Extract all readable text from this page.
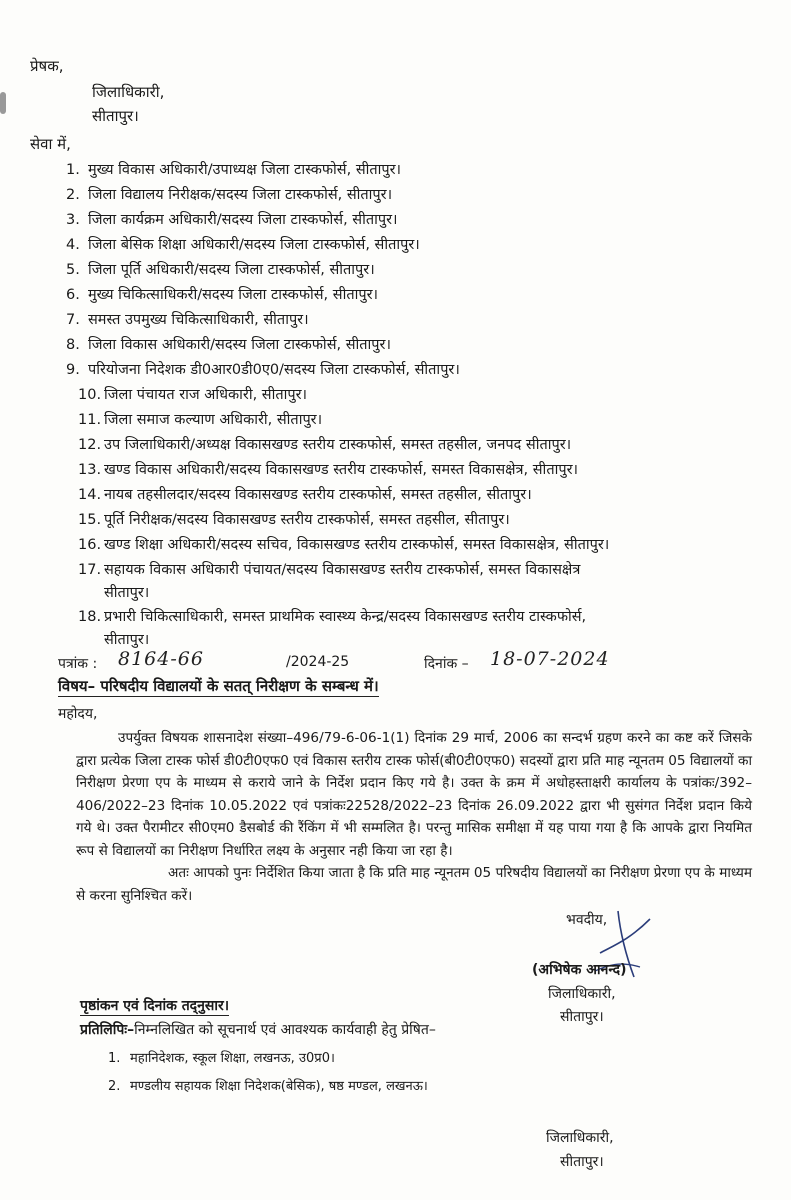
प्रेषक,
जिलाधिकारी,
सीतापुर।
सेवा में,
1. मुख्य विकास अधिकारी/उपाध्यक्ष जिला टास्कफोर्स, सीतापुर।
2. जिला विद्यालय निरीक्षक/सदस्य जिला टास्कफोर्स, सीतापुर।
3. जिला कार्यक्रम अधिकारी/सदस्य जिला टास्कफोर्स, सीतापुर।
4. जिला बेसिक शिक्षा अधिकारी/सदस्य जिला टास्कफोर्स, सीतापुर।
5. जिला पूर्ति अधिकारी/सदस्य जिला टास्कफोर्स, सीतापुर।
6. मुख्य चिकित्साधिकरी/सदस्य जिला टास्कफोर्स, सीतापुर।
7. समस्त उपमुख्य चिकित्साधिकारी, सीतापुर।
8. जिला विकास अधिकारी/सदस्य जिला टास्कफोर्स, सीतापुर।
9. परियोजना निदेशक डी0आर0डी0ए0/सदस्य जिला टास्कफोर्स, सीतापुर।
10. जिला पंचायत राज अधिकारी, सीतापुर।
11. जिला समाज कल्याण अधिकारी, सीतापुर।
12. उप जिलाधिकारी/अध्यक्ष विकासखण्ड स्तरीय टास्कफोर्स, समस्त तहसील, जनपद सीतापुर।
13. खण्ड विकास अधिकारी/सदस्य विकासखण्ड स्तरीय टास्कफोर्स, समस्त विकासक्षेत्र, सीतापुर।
14. नायब तहसीलदार/सदस्य विकासखण्ड स्तरीय टास्कफोर्स, समस्त तहसील, सीतापुर।
15. पूर्ति निरीक्षक/सदस्य विकासखण्ड स्तरीय टास्कफोर्स, समस्त तहसील, सीतापुर।
16. खण्ड शिक्षा अधिकारी/सदस्य सचिव, विकासखण्ड स्तरीय टास्कफोर्स, समस्त विकासक्षेत्र, सीतापुर।
17. सहायक विकास अधिकारी पंचायत/सदस्य विकासखण्ड स्तरीय टास्कफोर्स, समस्त विकासक्षेत्र
सीतापुर।
18. प्रभारी चिकित्साधिकारी, समस्त प्राथमिक स्वास्थ्य केन्द्र/सदस्य विकासखण्ड स्तरीय टास्कफोर्स,
सीतापुर।
पत्रांक : 8164-66	/2024-25	दिनांक – 18-07-2024
विषय– परिषदीय विद्यालयों के सतत् निरीक्षण के सम्बन्ध में।
महोदय,

उपर्युक्त विषयक शासनादेश संख्या–496/79-6-06-1(1) दिनांक 29 मार्च, 2006 का सन्दर्भ ग्रहण करने का कष्ट करें जिसके द्वारा प्रत्येक जिला टास्क फोर्स डी0टी0एफ0 एवं विकास स्तरीय टास्क फोर्स(बी0टी0एफ0) सदस्यों द्वारा प्रति माह न्यूनतम 05 विद्यालयों का निरीक्षण प्रेरणा एप के माध्यम से कराये जाने के निर्देश प्रदान किए गये है। उक्त के क्रम में अधोहस्ताक्षरी कार्यालय के पत्रांकः/392–406/2022–23 दिनांक 10.05.2022 एवं पत्रांकः22528/2022–23 दिनांक 26.09.2022 द्वारा भी सुसंगत निर्देश प्रदान किये गये थे। उक्त पैरामीटर सी0एम0 डैसबोर्ड की रैंकिंग में भी सम्मलित है। परन्तु मासिक समीक्षा में यह पाया गया है कि आपके द्वारा नियमित रूप से विद्यालयों का निरीक्षण निर्धारित लक्ष्य के अनुसार नही किया जा रहा है।

अतः आपको पुनः निर्देशित किया जाता है कि प्रति माह न्यूनतम 05 परिषदीय विद्यालयों का निरीक्षण प्रेरणा एप के माध्यम से करना सुनिश्चित करें।

भवदीय,
(अभिषेक आनन्द)
जिलाधिकारी,
सीतापुर।
पृष्ठांकन एवं दिनांक तद्नुसार।
प्रतिलिपिः–निम्नलिखित को सूचनार्थ एवं आवश्यक कार्यवाही हेतु प्रेषित–
1. महानिदेशक, स्कूल शिक्षा, लखनऊ, उ0प्र0।
2. मण्डलीय सहायक शिक्षा निदेशक(बेसिक), षष्ठ मण्डल, लखनऊ।
जिलाधिकारी,
सीतापुर।
